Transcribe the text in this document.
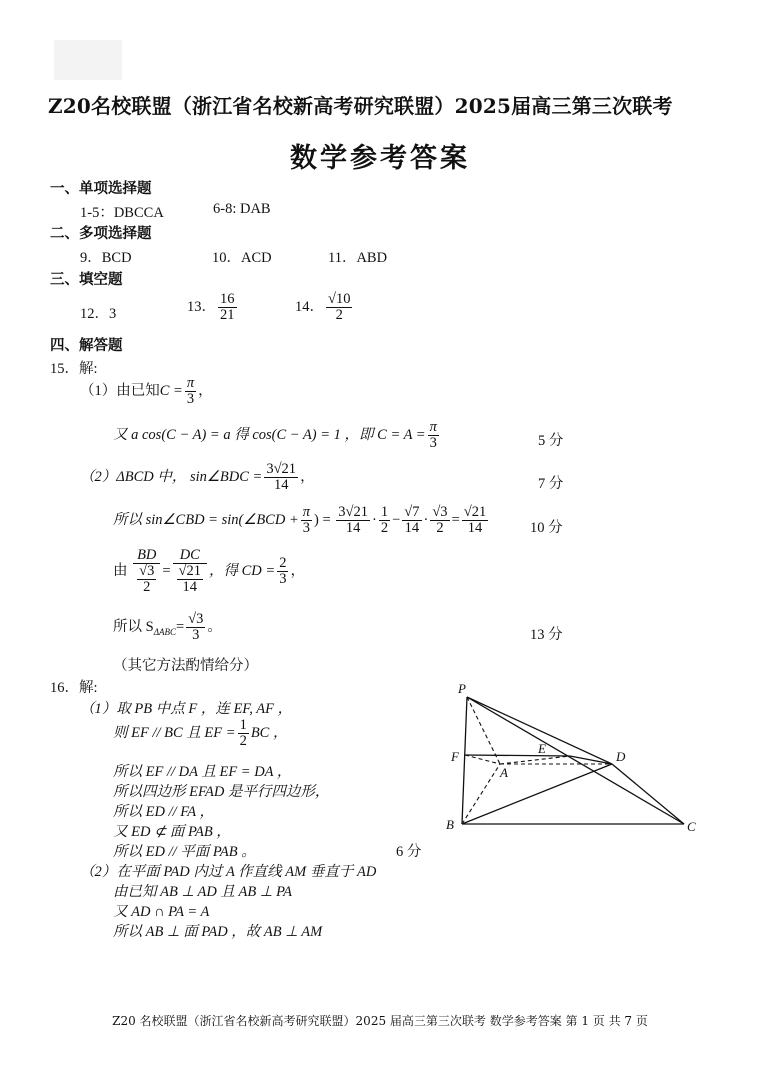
Z20名校联盟（浙江省名校新高考研究联盟）2025届高三第三次联考
数学参考答案
一、单项选择题
1-5：DBCCA	6-8: DAB
二、多项选择题
9．BCD	10．ACD	11．ABD
三、填空题
12．3	13． $\frac{16}{21}$	14． $\frac{√10}{2}$
四、解答题
15．解:
（1）由已知$C = \frac{\pi}{3}$ ，
又 a cos(C − A) = a 得 cos(C − A) = 1 ，即 $C = A = \frac{\pi}{3}$	5 分
（2）ΔBCD 中， sin∠BDC = $\frac{3√21}{14}$ ，	7 分
所以 sin∠CBD = sin(∠BCD + $\frac{\pi}{3}$ ) = $\frac{3√21}{14} \cdot \frac{1}{2} - \frac{√7}{14} \cdot \frac{√3}{2} = \frac{√21}{14}$	10 分
由 BD
√3
2 = DC
√21
14 ，得 CD = $\frac{2}{3}$ ，
所以 $S_{\Delta ABC}= \frac{√3}{3}$ 。	13 分
（其它方法酌情给分）
16．解:
（1）取 PB 中点 F ，连 EF, AF ，
则 EF // BC 且 EF = $\frac{1}{2}$ BC ，
所以 EF // DA 且 EF = DA ，
所以四边形 EFAD 是平行四边形，
所以 ED // FA ，
又 ED ⊄ 面 PAB ，
所以 ED // 平面 PAB 。	6 分
（2）在平面 PAD 内过 A 作直线 AM 垂直于 AD
由已知 AB ⊥ AD 且 AB ⊥ PA
又 AD ∩ PA = A
所以 AB ⊥ 面 PAD ，故 AB ⊥ AM
P
F
E
A
D
B	C
Z20 名校联盟（浙江省名校新高考研究联盟）2025 届高三第三次联考 数学参考答案 第 1 页 共 7 页
